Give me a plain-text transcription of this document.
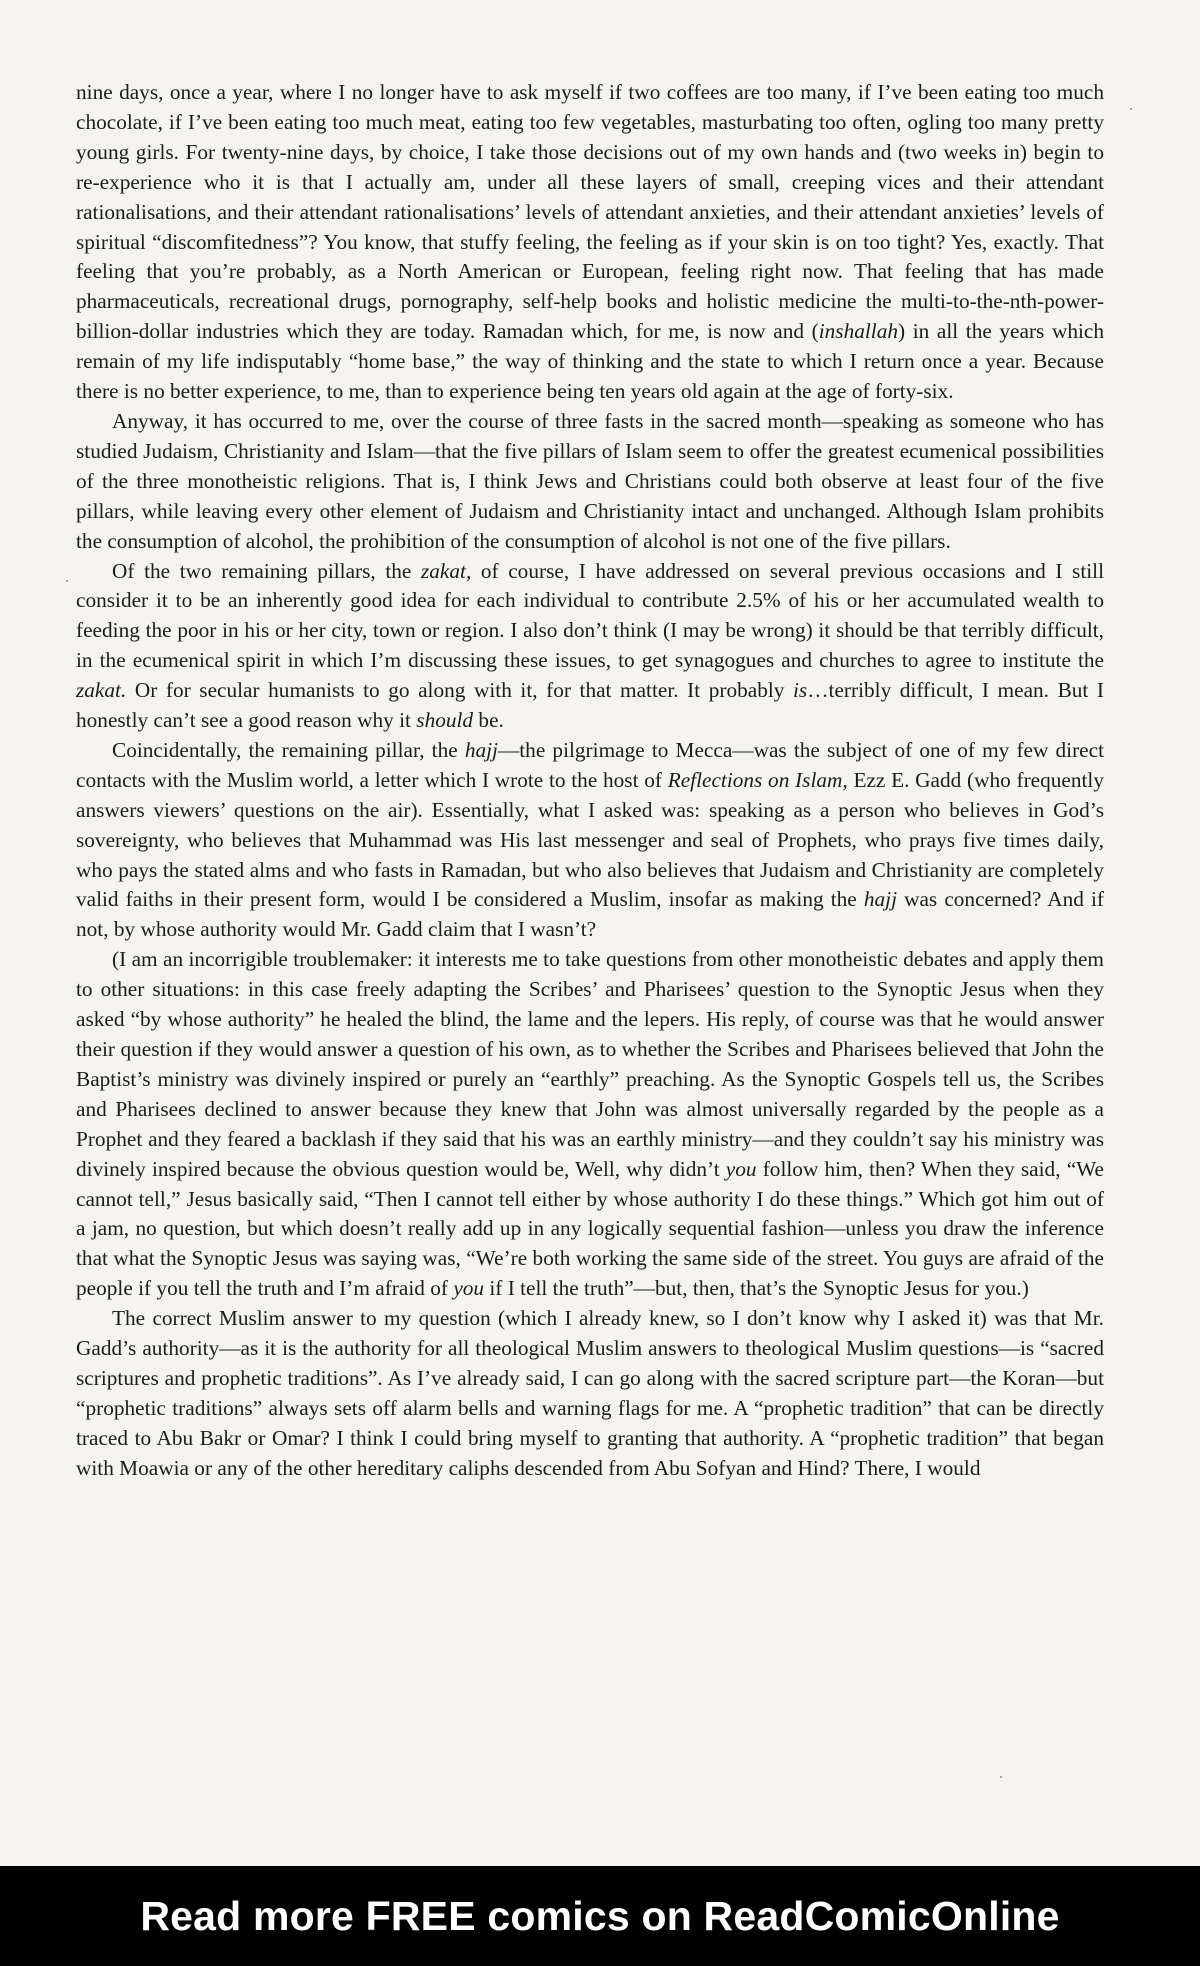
nine days, once a year, where I no longer have to ask myself if two coffees are too many, if I’ve been eating too much chocolate, if I’ve been eating too much meat, eating too few vegetables, masturbating too often, ogling too many pretty young girls. For twenty-nine days, by choice, I take those decisions out of my own hands and (two weeks in) begin to re-experience who it is that I actually am, under all these layers of small, creeping vices and their attendant rationalisations, and their attendant rationalisations’ levels of attendant anxieties, and their attendant anxieties’ levels of spiritual “discomfitedness”? You know, that stuffy feeling, the feeling as if your skin is on too tight? Yes, exactly. That feeling that you’re probably, as a North American or European, feeling right now. That feeling that has made pharmaceuticals, recreational drugs, pornography, self-help books and holistic medicine the multi-to-the-nth-power-billion-dollar industries which they are today. Ramadan which, for me, is now and (inshallah) in all the years which remain of my life indisputably “home base,” the way of thinking and the state to which I return once a year. Because there is no better experience, to me, than to experience being ten years old again at the age of forty-six.

Anyway, it has occurred to me, over the course of three fasts in the sacred month—speaking as someone who has studied Judaism, Christianity and Islam—that the five pillars of Islam seem to offer the greatest ecumenical possibilities of the three monotheistic religions. That is, I think Jews and Christians could both observe at least four of the five pillars, while leaving every other element of Judaism and Christianity intact and unchanged. Although Islam prohibits the consumption of alcohol, the prohibition of the consumption of alcohol is not one of the five pillars.

Of the two remaining pillars, the zakat, of course, I have addressed on several previous occasions and I still consider it to be an inherently good idea for each individual to contribute 2.5% of his or her accumulated wealth to feeding the poor in his or her city, town or region. I also don’t think (I may be wrong) it should be that terribly difficult, in the ecumenical spirit in which I’m discussing these issues, to get synagogues and churches to agree to institute the zakat. Or for secular humanists to go along with it, for that matter. It probably is…terribly difficult, I mean. But I honestly can’t see a good reason why it should be.

Coincidentally, the remaining pillar, the hajj—the pilgrimage to Mecca—was the subject of one of my few direct contacts with the Muslim world, a letter which I wrote to the host of Reflections on Islam, Ezz E. Gadd (who frequently answers viewers’ questions on the air). Essentially, what I asked was: speaking as a person who believes in God’s sovereignty, who believes that Muhammad was His last messenger and seal of Prophets, who prays five times daily, who pays the stated alms and who fasts in Ramadan, but who also believes that Judaism and Christianity are completely valid faiths in their present form, would I be considered a Muslim, insofar as making the hajj was concerned? And if not, by whose authority would Mr. Gadd claim that I wasn’t?

(I am an incorrigible troublemaker: it interests me to take questions from other monotheistic debates and apply them to other situations: in this case freely adapting the Scribes’ and Pharisees’ question to the Synoptic Jesus when they asked “by whose authority” he healed the blind, the lame and the lepers. His reply, of course was that he would answer their question if they would answer a question of his own, as to whether the Scribes and Pharisees believed that John the Baptist’s ministry was divinely inspired or purely an “earthly” preaching. As the Synoptic Gospels tell us, the Scribes and Pharisees declined to answer because they knew that John was almost universally regarded by the people as a Prophet and they feared a backlash if they said that his was an earthly ministry—and they couldn’t say his ministry was divinely inspired because the obvious question would be, Well, why didn’t you follow him, then? When they said, “We cannot tell,” Jesus basically said, “Then I cannot tell either by whose authority I do these things.” Which got him out of a jam, no question, but which doesn’t really add up in any logically sequential fashion—unless you draw the inference that what the Synoptic Jesus was saying was, “We’re both working the same side of the street. You guys are afraid of the people if you tell the truth and I’m afraid of you if I tell the truth”—but, then, that’s the Synoptic Jesus for you.)

The correct Muslim answer to my question (which I already knew, so I don’t know why I asked it) was that Mr. Gadd’s authority—as it is the authority for all theological Muslim answers to theological Muslim questions—is “sacred scriptures and prophetic traditions”. As I’ve already said, I can go along with the sacred scripture part—the Koran—but “prophetic traditions” always sets off alarm bells and warning flags for me. A “prophetic tradition” that can be directly traced to Abu Bakr or Omar? I think I could bring myself to granting that authority. A “prophetic tradition” that began with Moawia or any of the other hereditary caliphs descended from Abu Sofyan and Hind? There, I would

Read more FREE comics on ReadComicOnline
